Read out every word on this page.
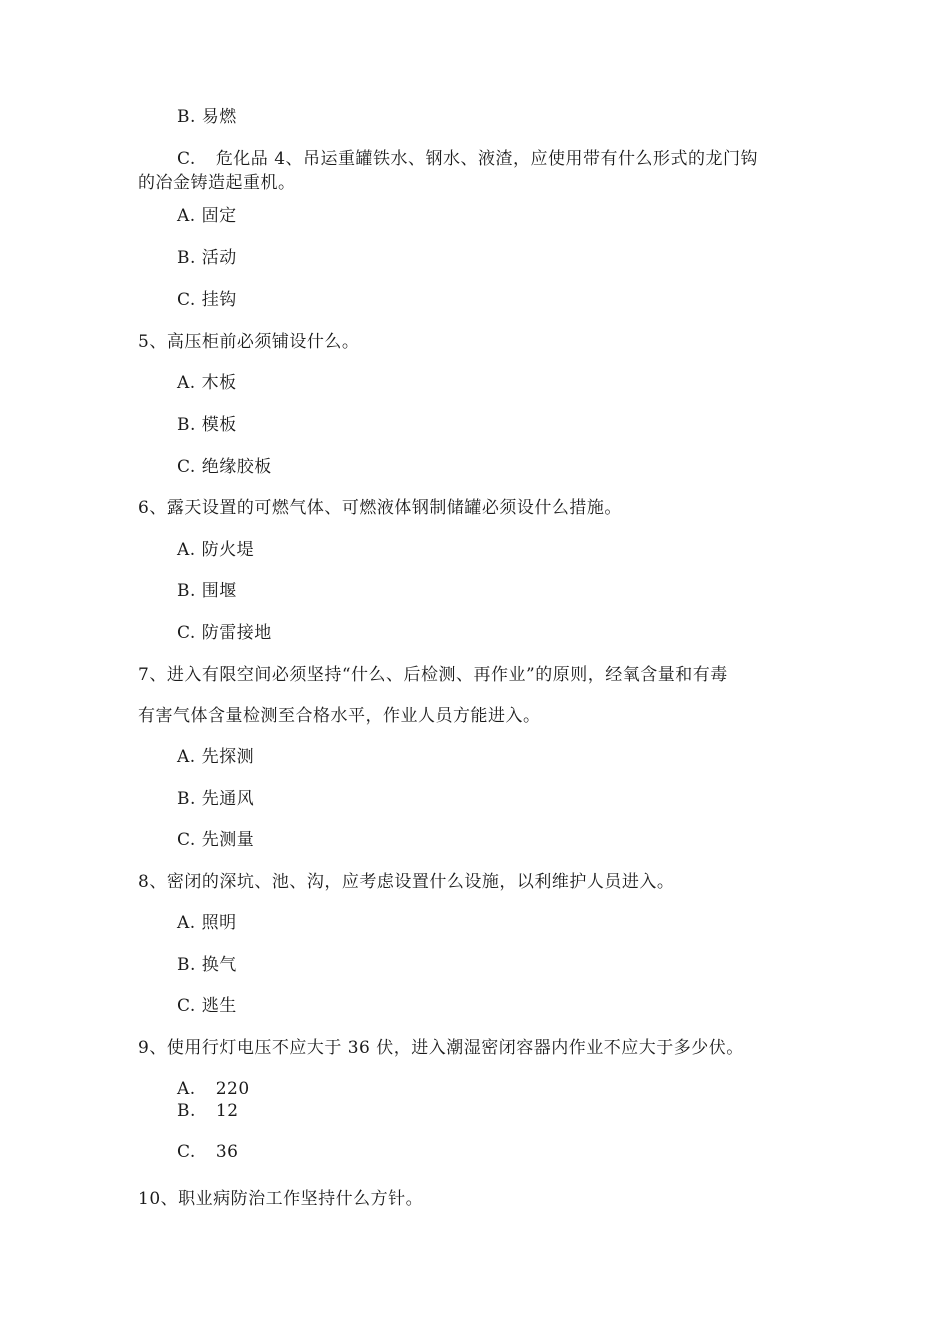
B. 易燃
C. 危化品 4、吊运重罐铁水、钢水、液渣，应使用带有什么形式的龙门钩
的冶金铸造起重机。
A. 固定
B. 活动
C. 挂钩
5、高压柜前必须铺设什么。
A. 木板
B. 模板
C. 绝缘胶板
6、露天设置的可燃气体、可燃液体钢制储罐必须设什么措施。
A. 防火堤
B. 围堰
C. 防雷接地
7、进入有限空间必须坚持“什么、后检测、再作业”的原则，经氧含量和有毒
有害气体含量检测至合格水平，作业人员方能进入。
A. 先探测
B. 先通风
C. 先测量
8、密闭的深坑、池、沟，应考虑设置什么设施，以利维护人员进入。
A. 照明
B. 换气
C. 逃生
9、使用行灯电压不应大于 36 伏，进入潮湿密闭容器内作业不应大于多少伏。
A. 220
B. 12
C. 36
10、职业病防治工作坚持什么方针。
